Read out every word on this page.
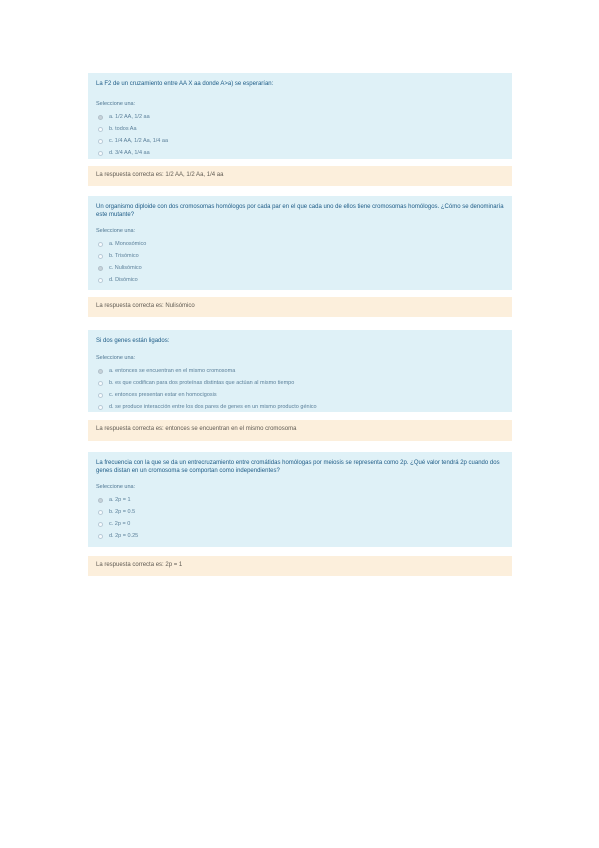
La F2 de un cruzamiento entre AA X aa donde A>a) se esperarían:

Seleccione una:

a. 1/2 AA, 1/2 aa
b. todos Aa
c. 1/4 AA, 1/2 Aa, 1/4 aa
d. 3/4 AA, 1/4 aa
La respuesta correcta es: 1/2 AA, 1/2 Aa, 1/4 aa

Un organismo diploide con dos cromosomas homólogos por cada par en el que cada uno de ellos tiene cromosomas homólogos. ¿Cómo se denominaría este mutante?

Seleccione una:

a. Monosómico
b. Trisómico
c. Nulisómico
d. Disómico
La respuesta correcta es: Nulisómico

Si dos genes están ligados:

Seleccione una:

a. entonces se encuentran en el mismo cromosoma
b. es que codifican para dos proteínas distintas que actúan al mismo tiempo
c. entonces presentan estar en homocigosis
d. se produce interacción entre los dos pares de genes en un mismo producto génico
La respuesta correcta es: entonces se encuentran en el mismo cromosoma

La frecuencia con la que se da un entrecruzamiento entre cromátidas homólogas por meiosis se representa como 2p. ¿Qué valor tendrá 2p cuando dos genes distan en un cromosoma se comportan como independientes?

Seleccione una:

a. 2p = 1
b. 2p = 0.5
c. 2p = 0
d. 2p = 0.25
La respuesta correcta es: 2p = 1
